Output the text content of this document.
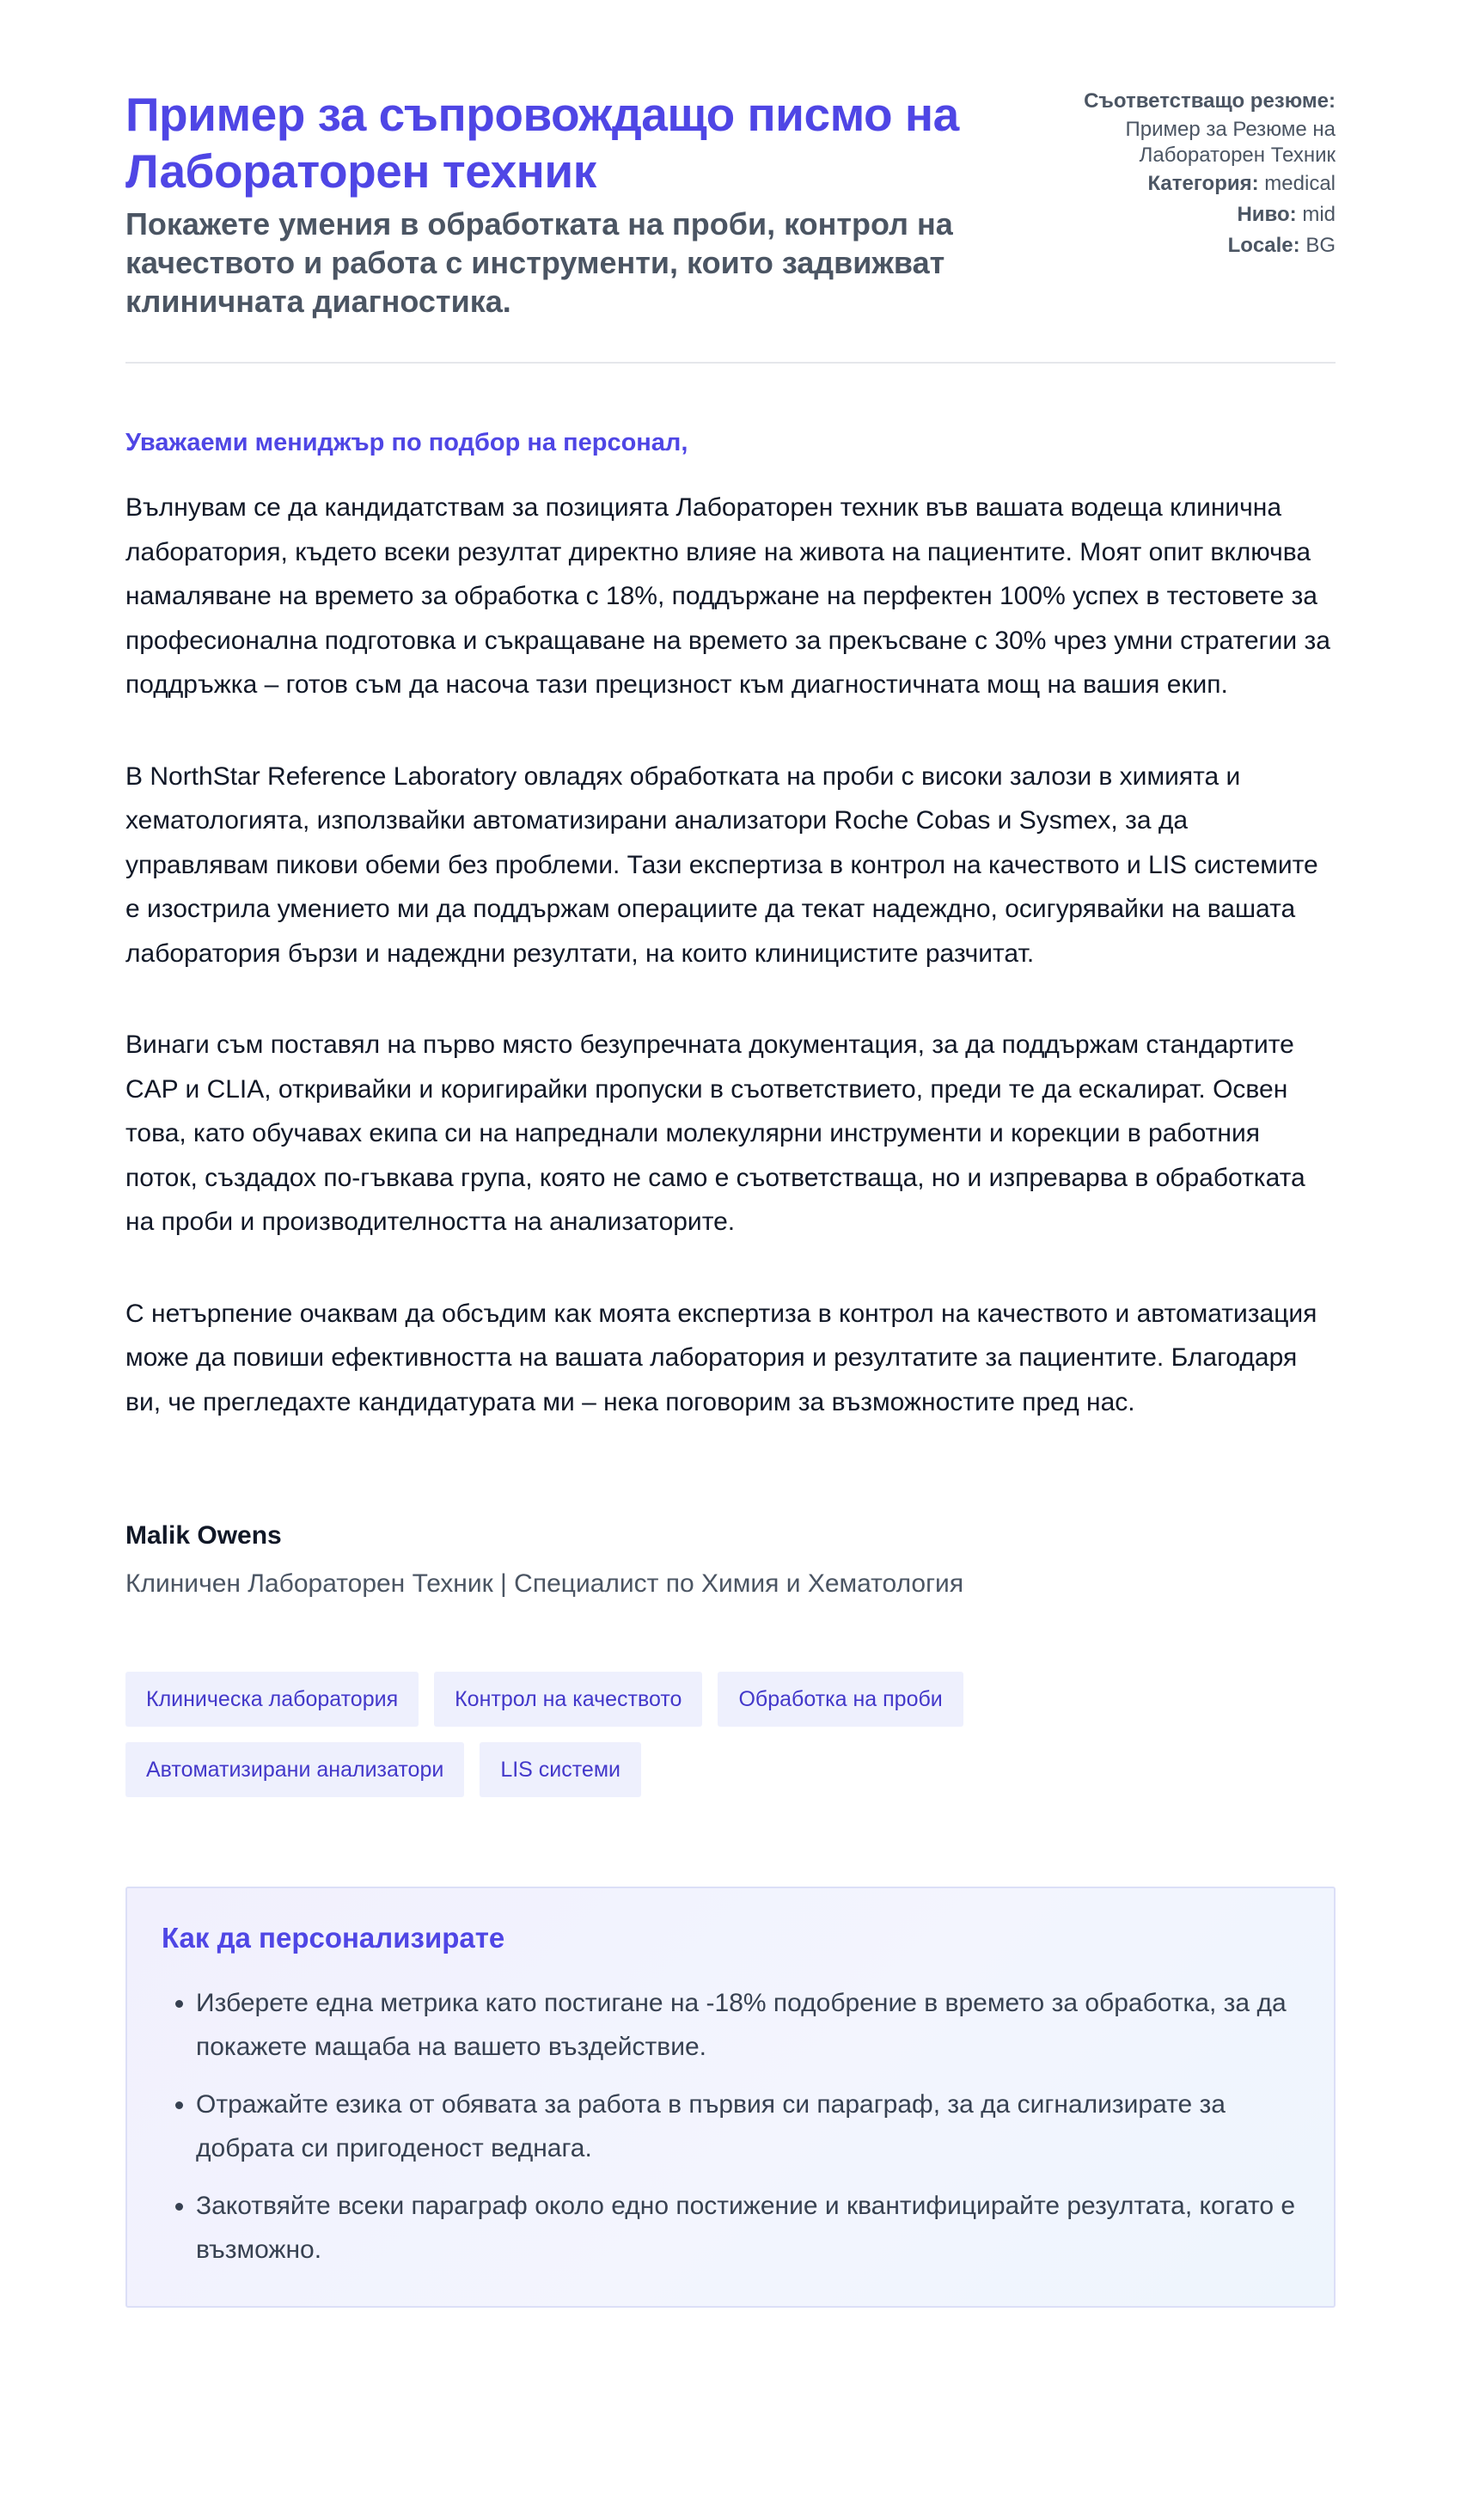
Пример за съпровождащо писмо на Лабораторен техник
Покажете умения в обработката на проби, контрол на качеството и работа с инструменти, които задвижват клиничната диагностика.
Съответстващо резюме:
Пример за Резюме на Лабораторен Техник
Категория: medical
Ниво: mid
Locale: BG
Уважаеми мениджър по подбор на персонал,

Вълнувам се да кандидатствам за позицията Лабораторен техник във вашата водеща клинична лаборатория, където всеки резултат директно влияе на живота на пациентите. Моят опит включва намаляване на времето за обработка с 18%, поддържане на перфектен 100% успех в тестовете за професионална подготовка и съкращаване на времето за прекъсване с 30% чрез умни стратегии за поддръжка – готов съм да насоча тази прецизност към диагностичната мощ на вашия екип.

В NorthStar Reference Laboratory овладях обработката на проби с високи залози в химията и хематологията, използвайки автоматизирани анализатори Roche Cobas и Sysmex, за да управлявам пикови обеми без проблеми. Тази експертиза в контрол на качеството и LIS системите е изострила умението ми да поддържам операциите да текат надеждно, осигурявайки на вашата лаборатория бързи и надеждни резултати, на които клиницистите разчитат.

Винаги съм поставял на първо място безупречната документация, за да поддържам стандартите CAP и CLIA, откривайки и коригирайки пропуски в съответствието, преди те да ескалират. Освен това, като обучавах екипа си на напреднали молекулярни инструменти и корекции в работния поток, създадох по-гъвкава група, която не само е съответстваща, но и изпреварва в обработката на проби и производителността на анализаторите.

С нетърпение очаквам да обсъдим как моята експертиза в контрол на качеството и автоматизация може да повиши ефективността на вашата лаборатория и резултатите за пациентите. Благодаря ви, че прегледахте кандидатурата ми – нека поговорим за възможностите пред нас.

Malik Owens
Клиничен Лабораторен Техник | Специалист по Химия и Хематология
Клиническа лаборатория	Контрол на качеството	Обработка на проби
Автоматизирани анализатори	LIS системи
Как да персонализирате
• Изберете една метрика като постигане на -18% подобрение в времето за обработка, за да покажете мащаба на вашето въздействие.
• Отражайте езика от обявата за работа в първия си параграф, за да сигнализирате за добрата си пригоденост веднага.
• Закотвяйте всеки параграф около едно постижение и квантифицирайте резултата, когато е възможно.
